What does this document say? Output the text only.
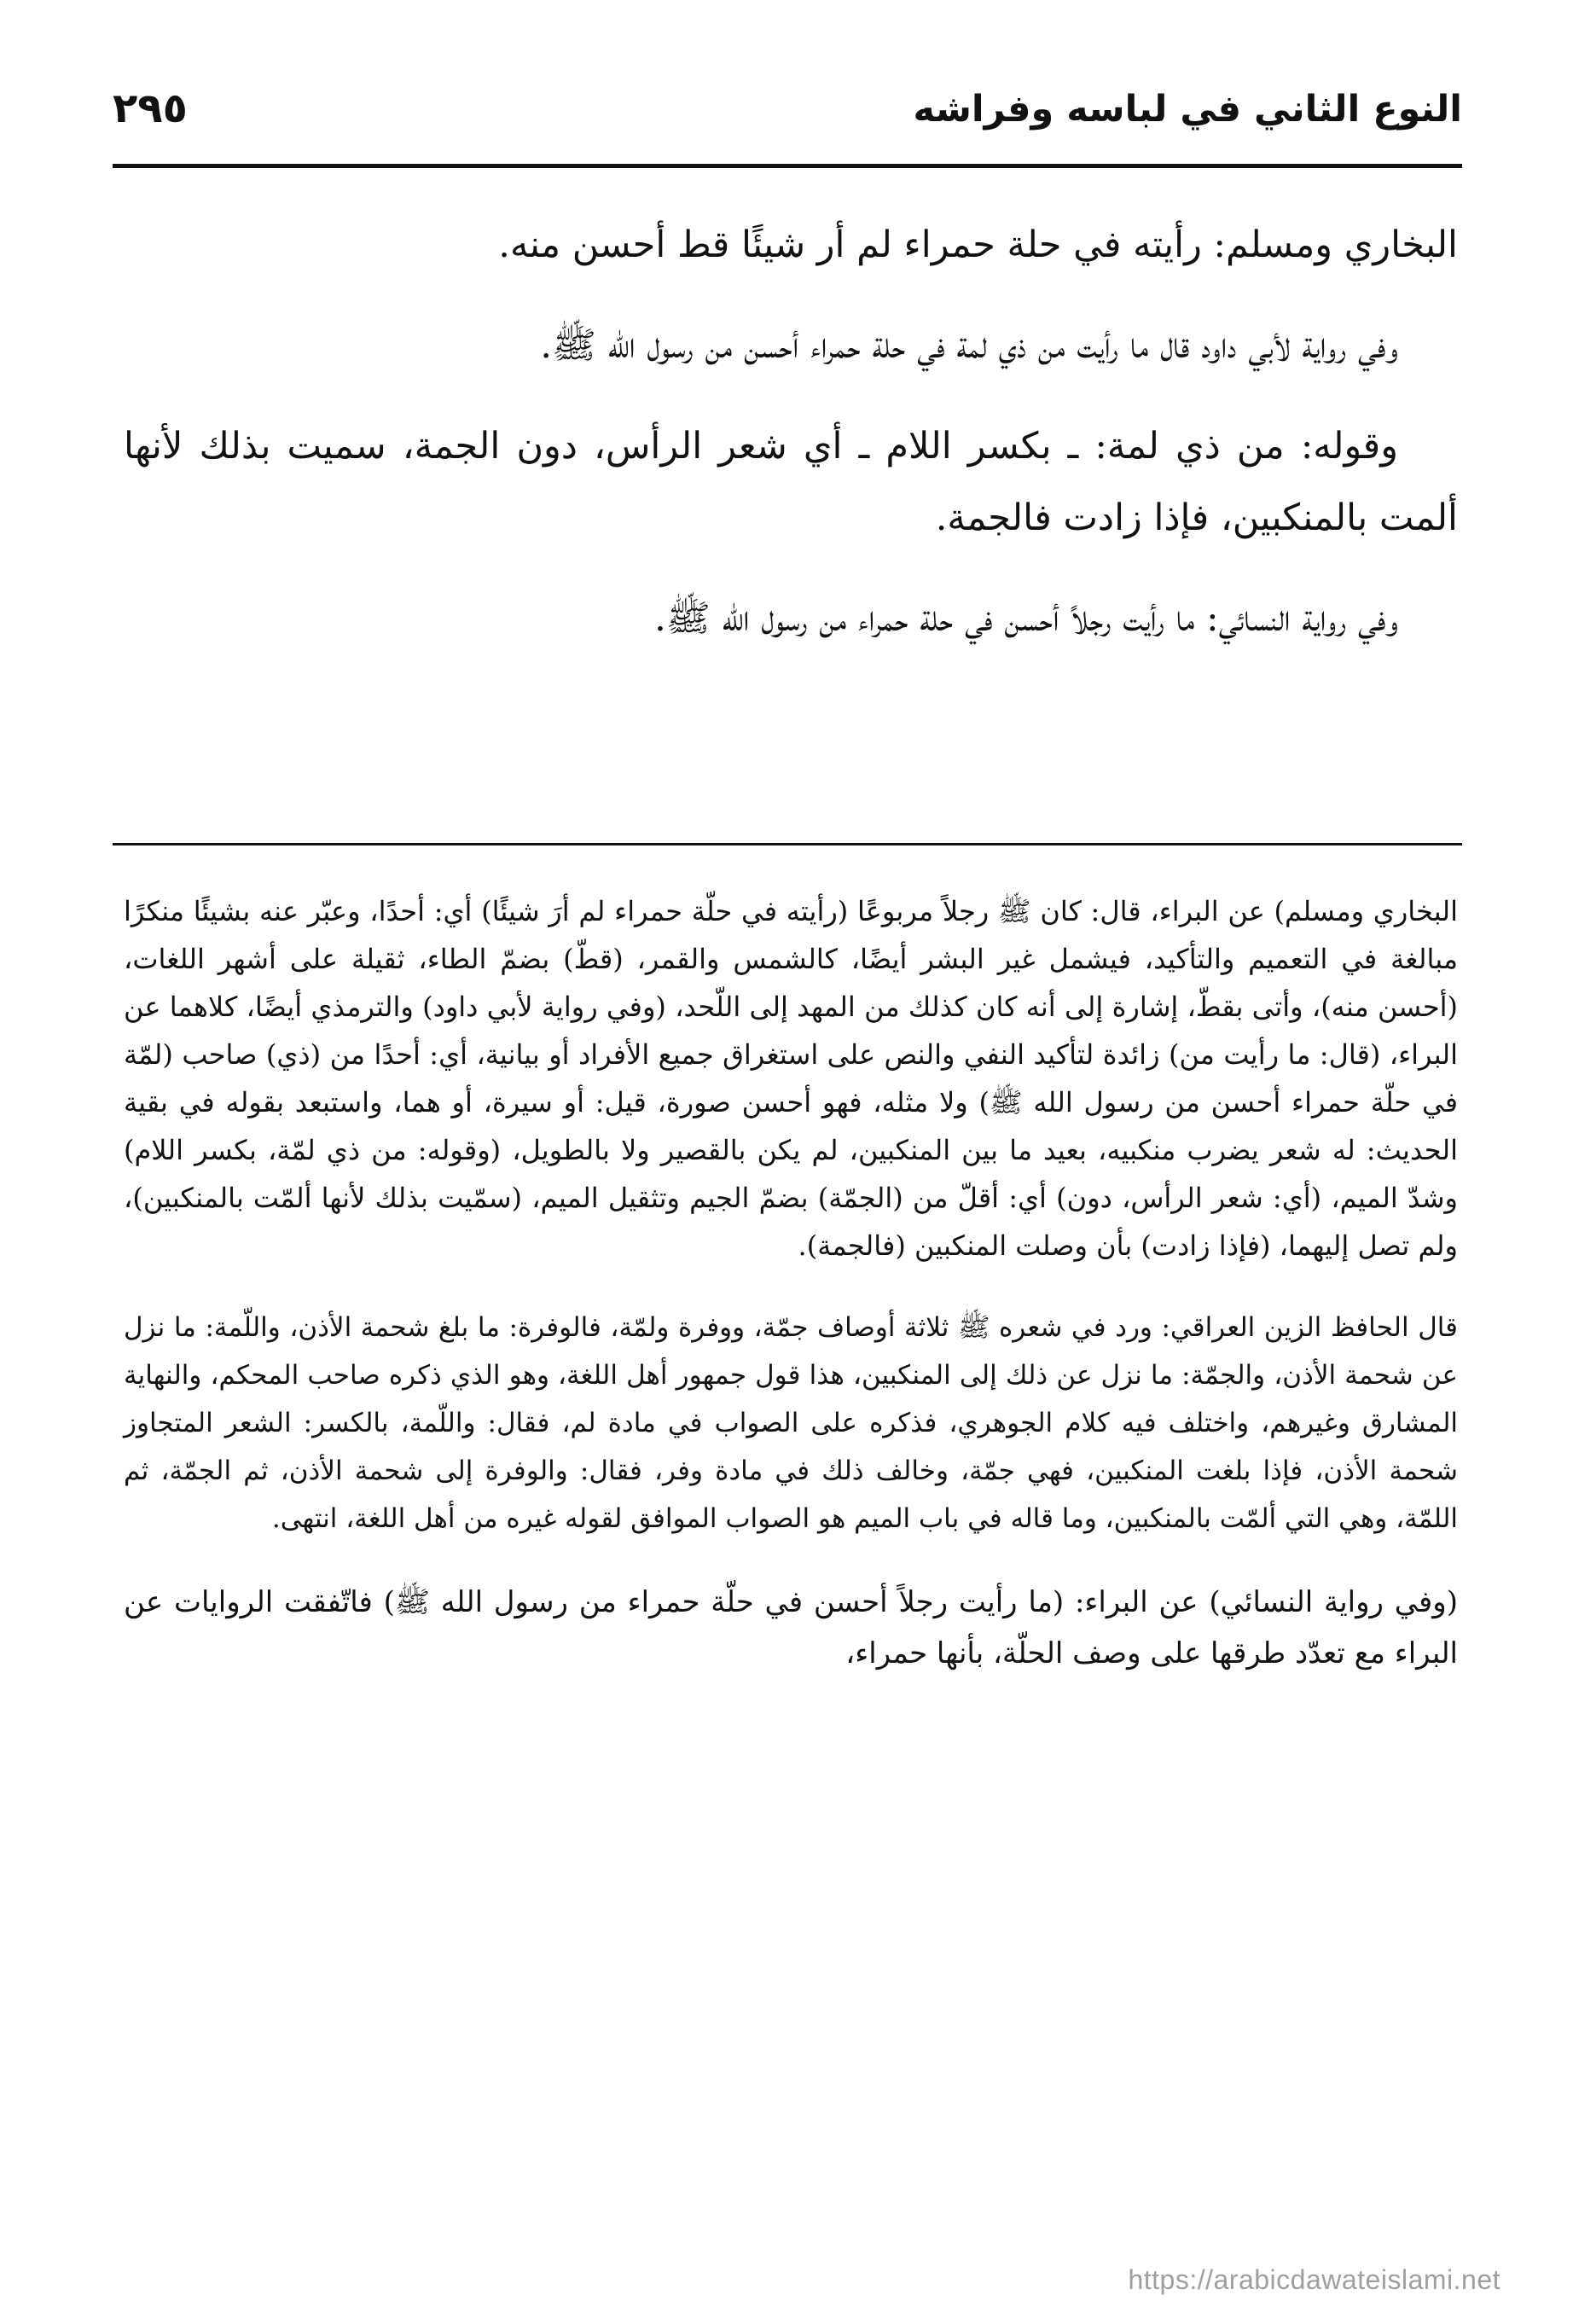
النوع الثاني في لباسه وفراشه
٢٩٥

البخاري ومسلم: رأيته في حلة حمراء لم أر شيئًا قط أحسن منه.

وفي رواية لأبي داود قال ما رأيت من ذي لمة في حلة حمراء أحسن من رسول الله ﷺ.

وقوله: من ذي لمة: ـ بكسر اللام ـ أي شعر الرأس، دون الجمة، سميت بذلك لأنها ألمت بالمنكبين، فإذا زادت فالجمة.

وفي رواية النسائي: ما رأيت رجلاً أحسن في حلة حمراء من رسول الله ﷺ.

البخاري ومسلم) عن البراء، قال: كان ﷺ رجلاً مربوعًا (رأيته في حلّة حمراء لم أرَ شيئًا) أي: أحدًا، وعبّر عنه بشيئًا منكرًا مبالغة في التعميم والتأكيد، فيشمل غير البشر أيضًا، كالشمس والقمر، (قطّ) بضمّ الطاء، ثقيلة على أشهر اللغات، (أحسن منه)، وأتى بقطّ، إشارة إلى أنه كان كذلك من المهد إلى اللّحد، (وفي رواية لأبي داود) والترمذي أيضًا، كلاهما عن البراء، (قال: ما رأيت من) زائدة لتأكيد النفي والنص على استغراق جميع الأفراد أو بيانية، أي: أحدًا من (ذي) صاحب (لمّة في حلّة حمراء أحسن من رسول الله ﷺ) ولا مثله، فهو أحسن صورة، قيل: أو سيرة، أو هما، واستبعد بقوله في بقية الحديث: له شعر يضرب منكبيه، بعيد ما بين المنكبين، لم يكن بالقصير ولا بالطويل، (وقوله: من ذي لمّة، بكسر اللام) وشدّ الميم، (أي: شعر الرأس، دون) أي: أقلّ من (الجمّة) بضمّ الجيم وتثقيل الميم، (سمّيت بذلك لأنها ألمّت بالمنكبين)، ولم تصل إليهما، (فإذا زادت) بأن وصلت المنكبين (فالجمة).

قال الحافظ الزين العراقي: ورد في شعره ﷺ ثلاثة أوصاف جمّة، ووفرة ولمّة، فالوفرة: ما بلغ شحمة الأذن، واللّمة: ما نزل عن شحمة الأذن، والجمّة: ما نزل عن ذلك إلى المنكبين، هذا قول جمهور أهل اللغة، وهو الذي ذكره صاحب المحكم، والنهاية المشارق وغيرهم، واختلف فيه كلام الجوهري، فذكره على الصواب في مادة لم، فقال: واللّمة، بالكسر: الشعر المتجاوز شحمة الأذن، فإذا بلغت المنكبين، فهي جمّة، وخالف ذلك في مادة وفر، فقال: والوفرة إلى شحمة الأذن، ثم الجمّة، ثم اللمّة، وهي التي ألمّت بالمنكبين، وما قاله في باب الميم هو الصواب الموافق لقوله غيره من أهل اللغة، انتهى.

(وفي رواية النسائي) عن البراء: (ما رأيت رجلاً أحسن في حلّة حمراء من رسول الله ﷺ) فاتّفقت الروايات عن البراء مع تعدّد طرقها على وصف الحلّة، بأنها حمراء،

https://arabicdawateislami.net
